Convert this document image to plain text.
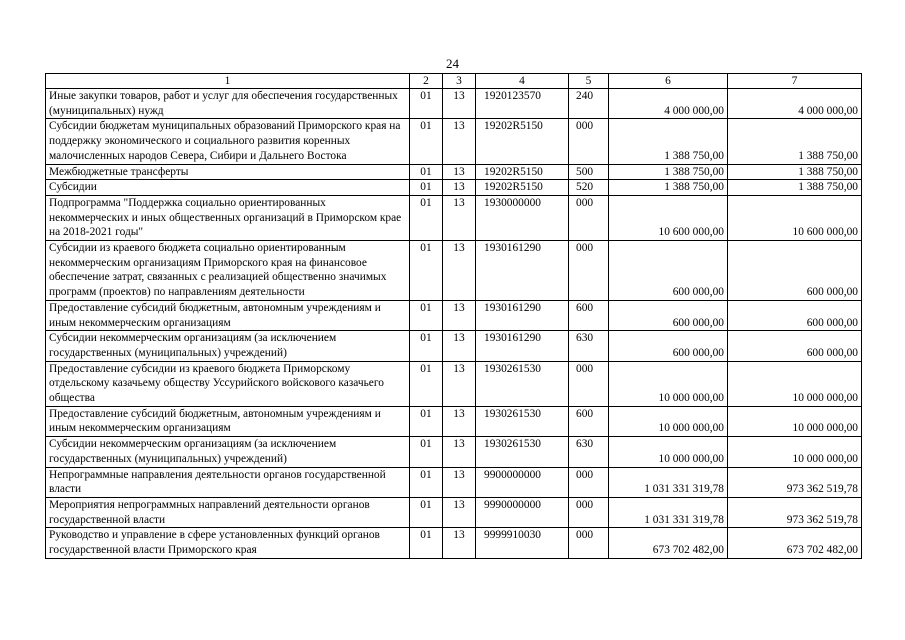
24
1	2	3	4	5	6	7
Иные закупки товаров, работ и услуг для обеспечения государственных (муниципальных) нужд	01	13	1920123570	240	4 000 000,00	4 000 000,00
Субсидии бюджетам муниципальных образований Приморского края на поддержку экономического и социального развития коренных малочисленных народов Севера, Сибири и Дальнего Востока	01	13	19202R5150	000	1 388 750,00	1 388 750,00
Межбюджетные трансферты	01	13	19202R5150	500	1 388 750,00	1 388 750,00
Субсидии	01	13	19202R5150	520	1 388 750,00	1 388 750,00
Подпрограмма "Поддержка социально ориентированных некоммерческих и иных общественных организаций в Приморском крае на 2018-2021 годы"	01	13	1930000000	000	10 600 000,00	10 600 000,00
Субсидии из краевого бюджета социально ориентированным некоммерческим организациям Приморского края на финансовое обеспечение затрат, связанных с реализацией общественно значимых программ (проектов) по направлениям деятельности	01	13	1930161290	000	600 000,00	600 000,00
Предоставление субсидий бюджетным, автономным учреждениям и иным некоммерческим организациям	01	13	1930161290	600	600 000,00	600 000,00
Субсидии некоммерческим организациям (за исключением государственных (муниципальных) учреждений)	01	13	1930161290	630	600 000,00	600 000,00
Предоставление субсидии из краевого бюджета Приморскому отдельскому казачьему обществу Уссурийского войскового казачьего общества	01	13	1930261530	000	10 000 000,00	10 000 000,00
Предоставление субсидий бюджетным, автономным учреждениям и иным некоммерческим организациям	01	13	1930261530	600	10 000 000,00	10 000 000,00
Субсидии некоммерческим организациям (за исключением государственных (муниципальных) учреждений)	01	13	1930261530	630	10 000 000,00	10 000 000,00
Непрограммные направления деятельности органов государственной власти	01	13	9900000000	000	1 031 331 319,78	973 362 519,78
Мероприятия непрограммных направлений деятельности органов государственной власти	01	13	9990000000	000	1 031 331 319,78	973 362 519,78
Руководство и управление в сфере установленных функций органов государственной власти Приморского края	01	13	9999910030	000	673 702 482,00	673 702 482,00
